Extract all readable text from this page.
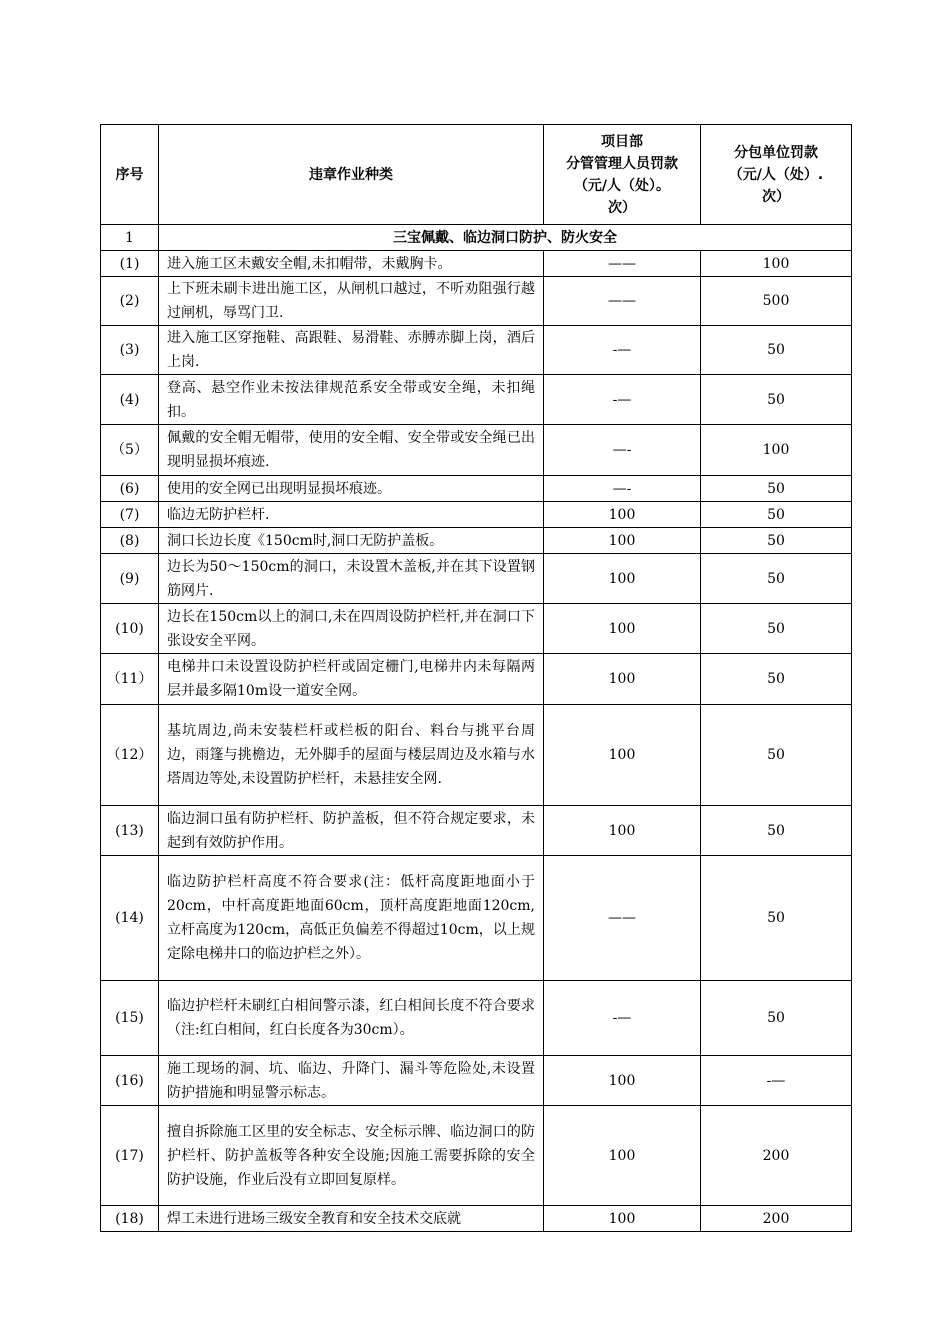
序号	违章作业种类	项目部
分管管理人员罚款
（元/人（处）。
次）	分包单位罚款
（元/人（处）.
次）
1	三宝佩戴、临边洞口防护、防火安全		
(1)	进入施工区未戴安全帽,未扣帽带，未戴胸卡。	——	100
(2)	上下班未刷卡进出施工区，从闸机口越过，不听劝阻强行越过闸机，辱骂门卫.	——	500
(3)	进入施工区穿拖鞋、高跟鞋、易滑鞋、赤膊赤脚上岗，酒后上岗.	-—	50
(4)	登高、悬空作业未按法律规范系安全带或安全绳，未扣绳扣。	-—	50
（5）	佩戴的安全帽无帽带，使用的安全帽、安全带或安全绳已出现明显损坏痕迹.	—-	100
(6)	使用的安全网已出现明显损坏痕迹。	—-	50
(7)	临边无防护栏杆.	100	50
(8)	洞口长边长度《150cm时,洞口无防护盖板。	100	50
(9)	边长为50～150cm的洞口，未设置木盖板,并在其下设置钢筋网片.	100	50
(10)	边长在150cm以上的洞口,未在四周设防护栏杆,并在洞口下张设安全平网。	100	50
（11）	电梯井口未设置设防护栏杆或固定栅门,电梯井内未每隔两层并最多隔10m设一道安全网。	100	50
（12）	基坑周边,尚未安装栏杆或栏板的阳台、料台与挑平台周边，雨篷与挑檐边，无外脚手的屋面与楼层周边及水箱与水塔周边等处,未设置防护栏杆，未悬挂安全网.	100	50
(13)	临边洞口虽有防护栏杆、防护盖板，但不符合规定要求，未起到有效防护作用。	100	50
(14)	临边防护栏杆高度不符合要求(注：低杆高度距地面小于20cm，中杆高度距地面60cm，顶杆高度距地面120cm,立杆高度为120cm，高低正负偏差不得超过10cm，以上规定除电梯井口的临边护栏之外）。	——	50
(15)	临边护栏杆未刷红白相间警示漆，红白相间长度不符合要求（注:红白相间，红白长度各为30cm）。	-—	50
(16)	施工现场的洞、坑、临边、升降门、漏斗等危险处,未设置防护措施和明显警示标志。	100	-—
(17)	擅自拆除施工区里的安全标志、安全标示牌、临边洞口的防护栏杆、防护盖板等各种安全设施;因施工需要拆除的安全防护设施，作业后没有立即回复原样。	100	200
(18)	焊工未进行进场三级安全教育和安全技术交底就	100	200
